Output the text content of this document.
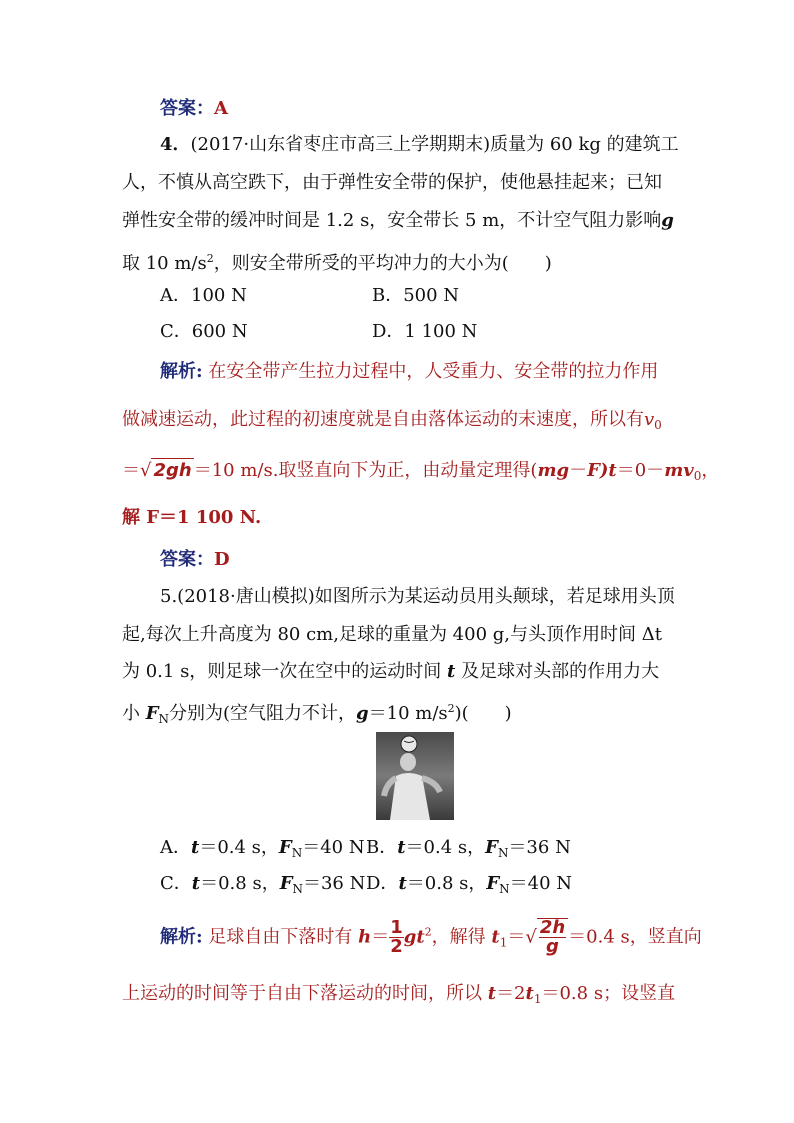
答案：A
4．(2017·山东省枣庄市高三上学期期末)质量为 60 kg 的建筑工
人，不慎从高空跌下，由于弹性安全带的保护，使他悬挂起来；已知
弹性安全带的缓冲时间是 1.2 s，安全带长 5 m，不计空气阻力影响g
取 10 $m/s^2$，则安全带所受的平均冲力的大小为(　　)
A．100 N	B．500 N
C．600 N	D．1 100 N
解析: 在安全带产生拉力过程中，人受重力、安全带的拉力作用
做减速运动，此过程的初速度就是自由落体运动的末速度，所以有$v_0$
＝√ 2gh ＝10 m/s.取竖直向下为正，由动量定理得$(mg-F)t=0-mv_0$，
解 F＝1 100 N.
答案：D
5.(2018·唐山模拟)如图所示为某运动员用头颠球，若足球用头顶
起,每次上升高度为 80 cm,足球的重量为 400 g,与头顶作用时间 Δt
为 0.1 s，则足球一次在空中的运动时间 t 及足球对头部的作用力大
小 $F_N$分别为(空气阻力不计，g＝10 $m/s^2$)(　　)
A．t＝0.4 s，$F_N=40$ N B．t＝0.4 s，$F_N=36$ N
C．t＝0.8 s，$F_N=36$ N D．t＝0.8 s，$F_N=40$ N
解析: 足球自由下落时有 $h= \frac{1}{2} gt^2$，解得 $t_1=√ \frac{2h}{g} =0.4$ s，竖直向
上运动的时间等于自由下落运动的时间，所以 $t=2t_1=0.8$ s；设竖直
